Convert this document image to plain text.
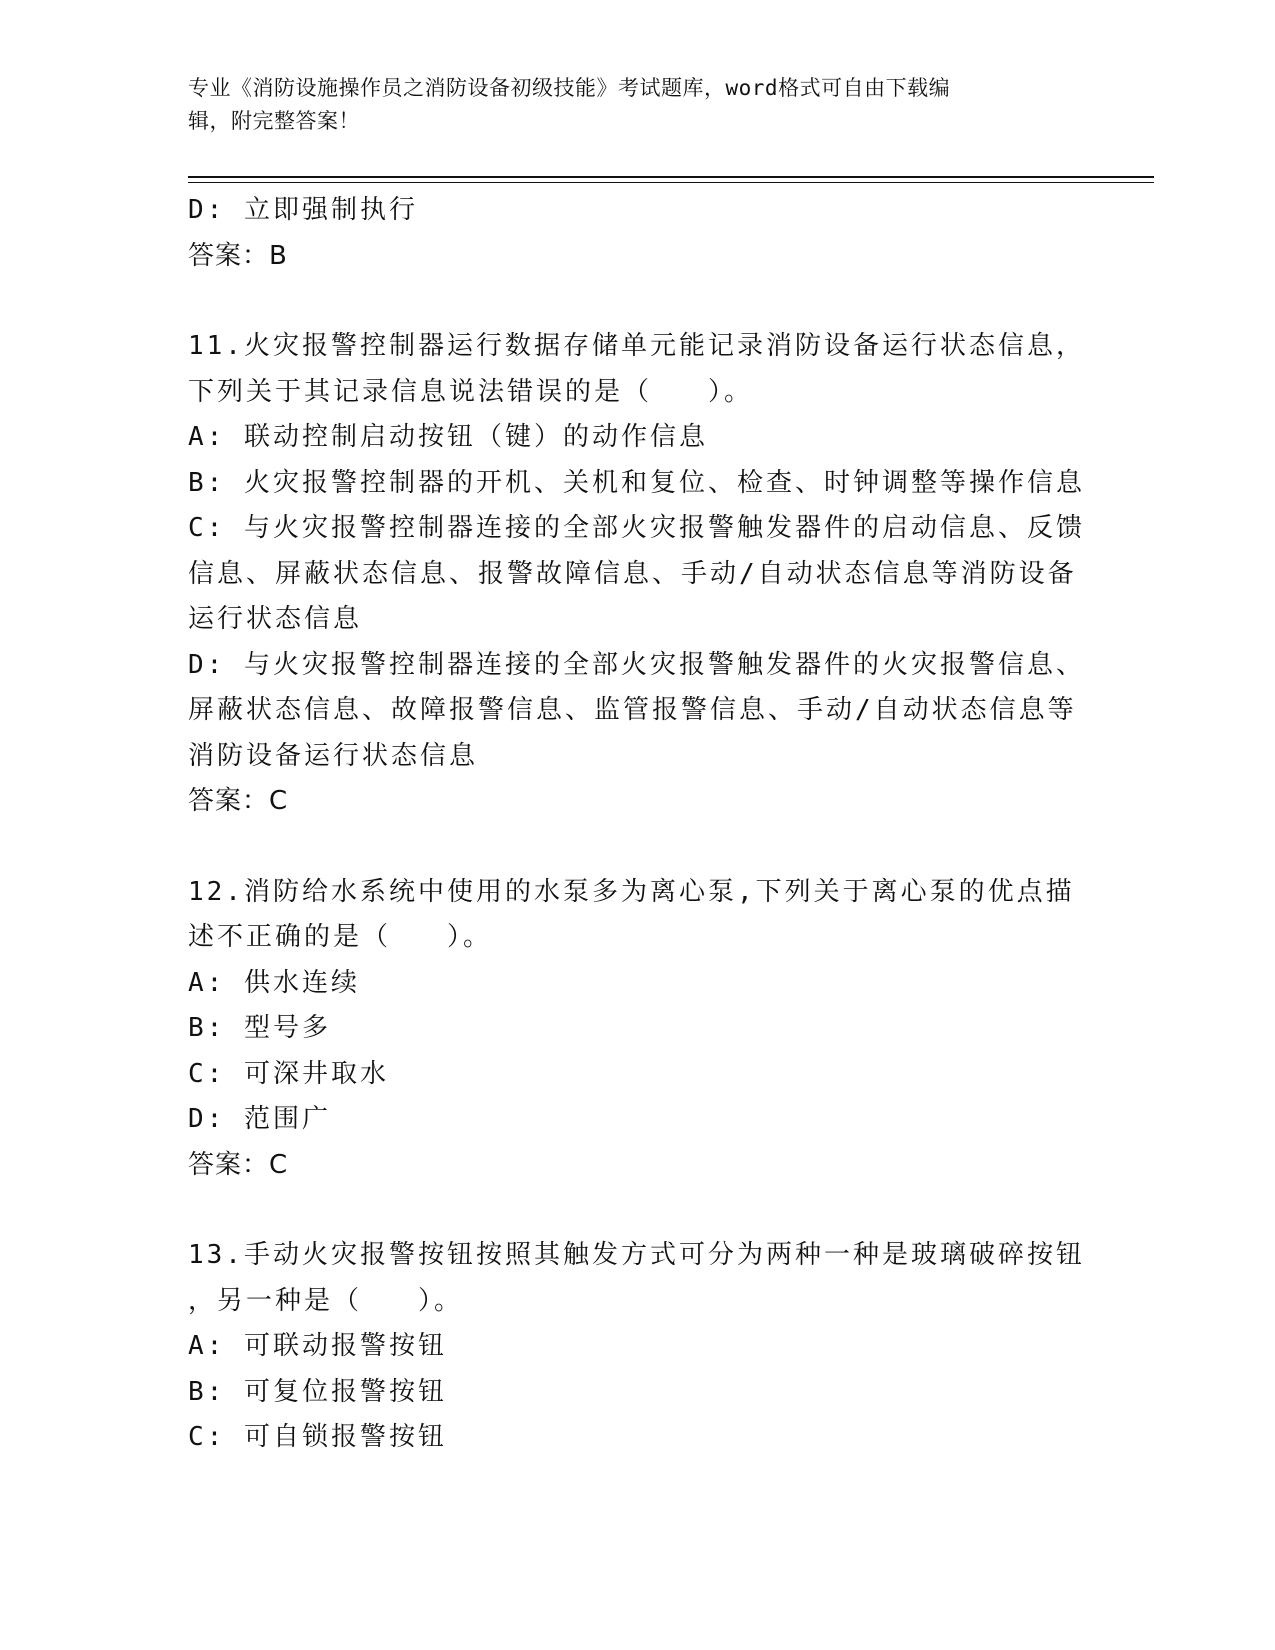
专业《消防设施操作员之消防设备初级技能》考试题库，word格式可自由下载编
辑，附完整答案！
D: 立即强制执行
答案：B
11.火灾报警控制器运行数据存储单元能记录消防设备运行状态信息，
下列关于其记录信息说法错误的是（   ）。
A: 联动控制启动按钮（键）的动作信息
B: 火灾报警控制器的开机、关机和复位、检查、时钟调整等操作信息
C: 与火灾报警控制器连接的全部火灾报警触发器件的启动信息、反馈
信息、屏蔽状态信息、报警故障信息、手动/自动状态信息等消防设备
运行状态信息
D: 与火灾报警控制器连接的全部火灾报警触发器件的火灾报警信息、
屏蔽状态信息、故障报警信息、监管报警信息、手动/自动状态信息等
消防设备运行状态信息
答案：C
12.消防给水系统中使用的水泵多为离心泵,下列关于离心泵的优点描
述不正确的是（   ）。
A: 供水连续
B: 型号多
C: 可深井取水
D: 范围广
答案：C
13.手动火灾报警按钮按照其触发方式可分为两种一种是玻璃破碎按钮
，另一种是（   ）。
A: 可联动报警按钮
B: 可复位报警按钮
C: 可自锁报警按钮
